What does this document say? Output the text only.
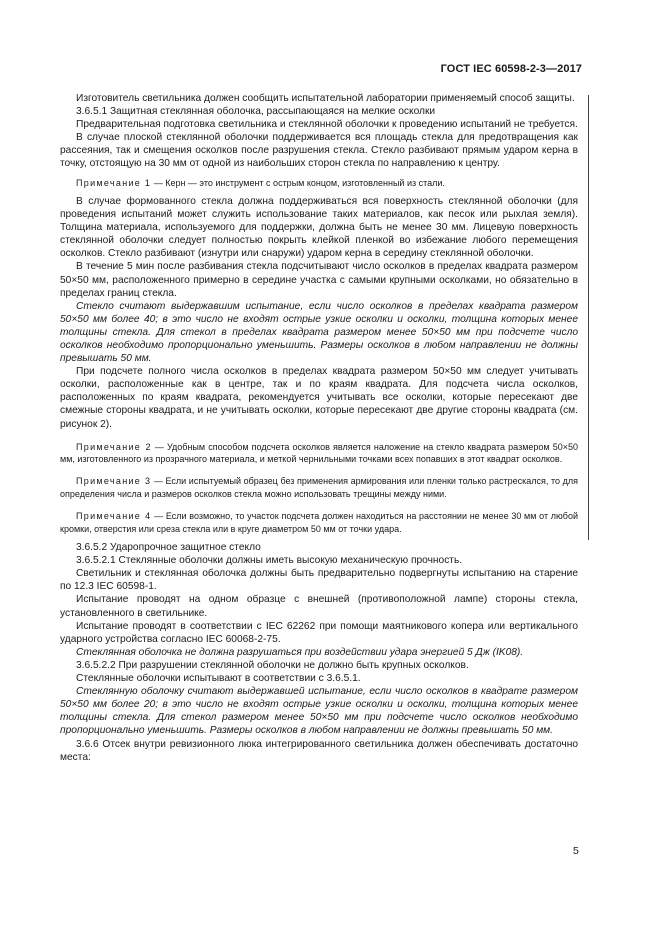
ГОСТ IEC 60598-2-3—2017

Изготовитель светильника должен сообщить испытательной лаборатории применяемый способ защиты.

3.6.5.1 Защитная стеклянная оболочка, рассыпающаяся на мелкие осколки

Предварительная подготовка светильника и стеклянной оболочки к проведению испытаний не требуется.

В случае плоской стеклянной оболочки поддерживается вся площадь стекла для предотвращения как рассеяния, так и смещения осколков после разрушения стекла. Стекло разбивают прямым ударом керна в точку, отстоящую на 30 мм от одной из наибольших сторон стекла по направлению к центру.

Примечание 1 — Керн — это инструмент с острым концом, изготовленный из стали.

В случае формованного стекла должна поддерживаться вся поверхность стеклянной оболочки (для проведения испытаний может служить использование таких материалов, как песок или рыхлая земля). Толщина материала, используемого для поддержки, должна быть не менее 30 мм. Лицевую поверхность стеклянной оболочки следует полностью покрыть клейкой пленкой во избежание любого перемещения осколков. Стекло разбивают (изнутри или снаружи) ударом керна в середину стеклянной оболочки.

В течение 5 мин после разбивания стекла подсчитывают число осколков в пределах квадрата размером 50×50 мм, расположенного примерно в середине участка с самыми крупными осколками, но обязательно в пределах границ стекла.

Стекло считают выдержавшим испытание, если число осколков в пределах квадрата размером 50×50 мм более 40; в это число не входят острые узкие осколки и осколки, толщина которых менее толщины стекла. Для стекол в пределах квадрата размером менее 50×50 мм при подсчете число осколков необходимо пропорционально уменьшить. Размеры осколков в любом направлении не должны превышать 50 мм.

При подсчете полного числа осколков в пределах квадрата размером 50×50 мм следует учитывать осколки, расположенные как в центре, так и по краям квадрата. Для подсчета числа осколков, расположенных по краям квадрата, рекомендуется учитывать все осколки, которые пересекают две смежные стороны квадрата, и не учитывать осколки, которые пересекают две другие стороны квадрата (см. рисунок 2).

Примечание 2 — Удобным способом подсчета осколков является наложение на стекло квадрата размером 50×50 мм, изготовленного из прозрачного материала, и меткой чернильными точками всех попавших в этот квадрат осколков.

Примечание 3 — Если испытуемый образец без применения армирования или пленки только растрескался, то для определения числа и размеров осколков стекла можно использовать трещины между ними.

Примечание 4 — Если возможно, то участок подсчета должен находиться на расстоянии не менее 30 мм от любой кромки, отверстия или среза стекла или в круге диаметром 50 мм от точки удара.

3.6.5.2 Ударопрочное защитное стекло

3.6.5.2.1 Стеклянные оболочки должны иметь высокую механическую прочность.

Светильник и стеклянная оболочка должны быть предварительно подвергнуты испытанию на старение по 12.3 IEC 60598-1.

Испытание проводят на одном образце с внешней (противоположной лампе) стороны стекла, установленного в светильнике.

Испытание проводят в соответствии с IEC 62262 при помощи маятникового копера или вертикального ударного устройства согласно IEC 60068-2-75.

Стеклянная оболочка не должна разрушаться при воздействии удара энергией 5 Дж (IK08).

3.6.5.2.2 При разрушении стеклянной оболочки не должно быть крупных осколков.

Стеклянные оболочки испытывают в соответствии с 3.6.5.1.

Стеклянную оболочку считают выдержавшей испытание, если число осколков в квадрате размером 50×50 мм более 20; в это число не входят острые узкие осколки и осколки, толщина которых менее толщины стекла. Для стекол размером менее 50×50 мм при подсчете число осколков необходимо пропорционально уменьшить. Размеры осколков в любом направлении не должны превышать 50 мм.

3.6.6 Отсек внутри ревизионного люка интегрированного светильника должен обеспечивать достаточно места:

5
